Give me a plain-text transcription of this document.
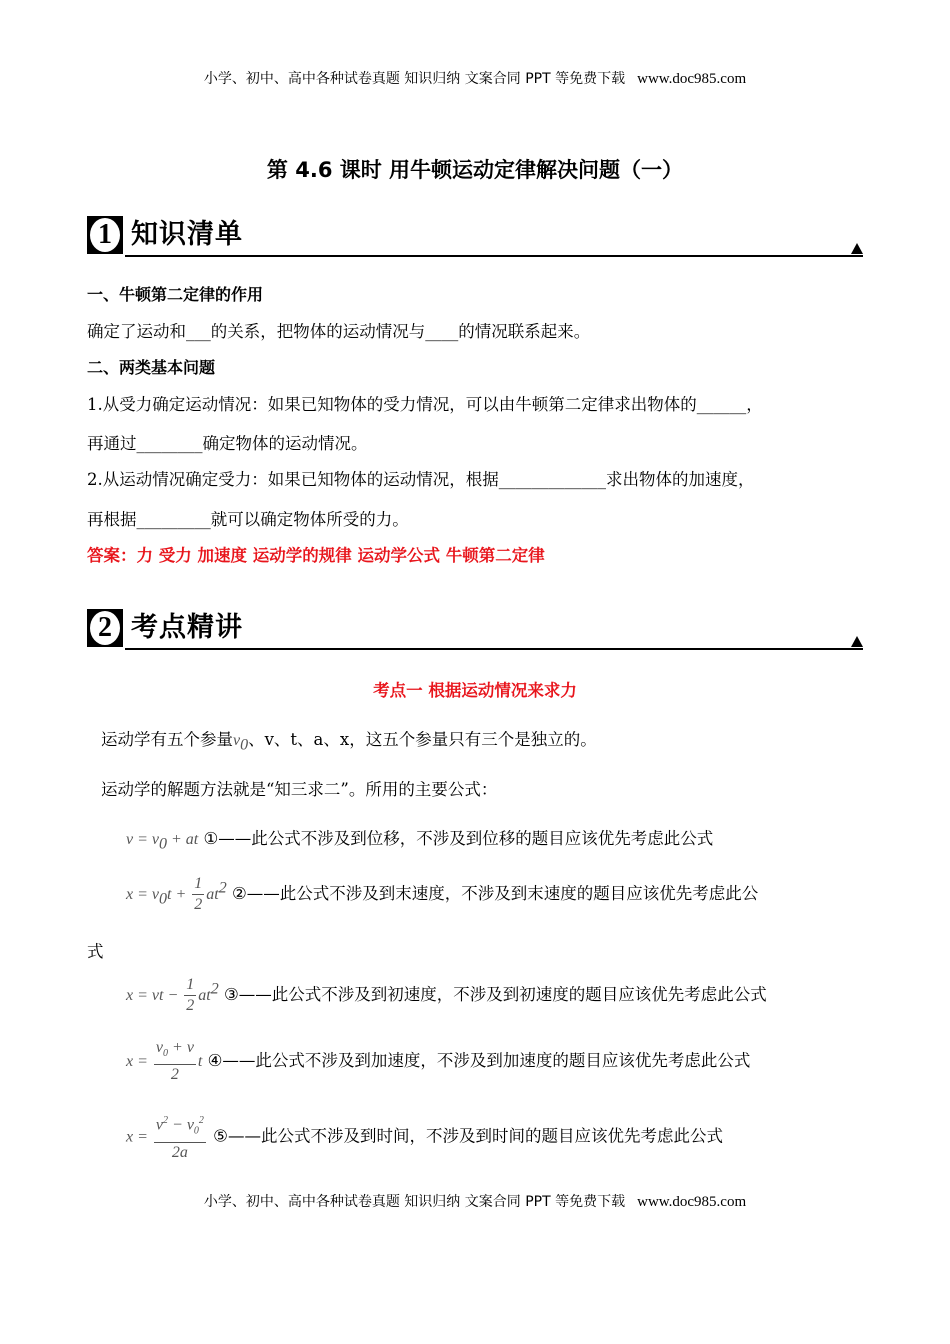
小学、初中、高中各种试卷真题 知识归纳 文案合同 PPT 等免费下载 www.doc985.com
第 4.6 课时 用牛顿运动定律解决问题（一）
1 知识清单
一、牛顿第二定律的作用
确定了运动和___的关系，把物体的运动情况与____的情况联系起来。
二、两类基本问题
1.从受力确定运动情况：如果已知物体的受力情况，可以由牛顿第二定律求出物体的______，
再通过________确定物体的运动情况。
2.从运动情况确定受力：如果已知物体的运动情况，根据_____________求出物体的加速度，
再根据_________就可以确定物体所受的力。
答案：力 受力 加速度 运动学的规律 运动学公式 牛顿第二定律
2 考点精讲
考点一 根据运动情况来求力
运动学有五个参量$v_0$、v、t、a、x，这五个参量只有三个是独立的。
运动学的解题方法就是“知三求二”。所用的主要公式：
$v = v_0$ + at ①——此公式不涉及到位移，不涉及到位移的题目应该优先考虑此公式
$x = v_0t + \frac{1}{2} at^2$ ②——此公式不涉及到末速度，不涉及到末速度的题目应该优先考虑此公
式
x = vt − $\frac{1}{2} at^2$ ③——此公式不涉及到初速度，不涉及到初速度的题目应该优先考虑此公式
$x = \frac{v_0 + v}{2}$ t ④——此公式不涉及到加速度，不涉及到加速度的题目应该优先考虑此公式
$x = \frac{v^2 - v_0^2}{2a}$ ⑤——此公式不涉及到时间，不涉及到时间的题目应该优先考虑此公式
小学、初中、高中各种试卷真题 知识归纳 文案合同 PPT 等免费下载 www.doc985.com
